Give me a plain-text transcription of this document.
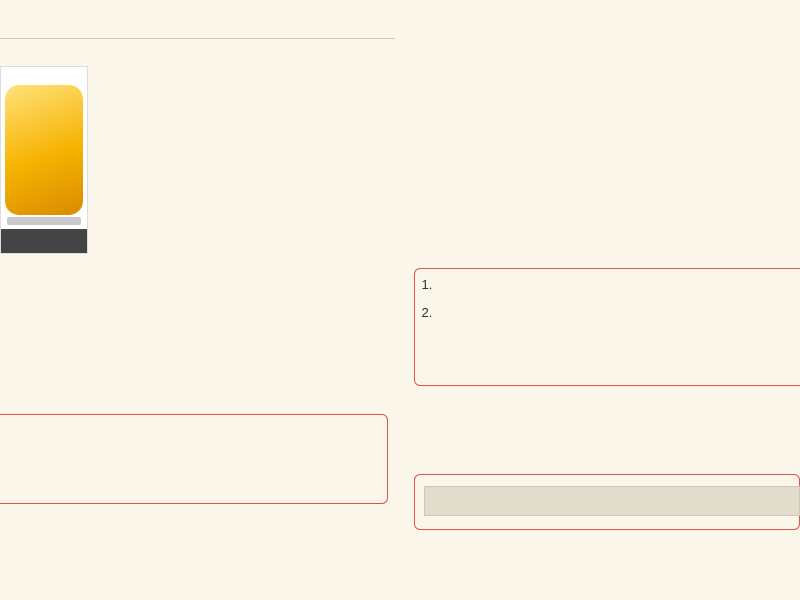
1.
2.
